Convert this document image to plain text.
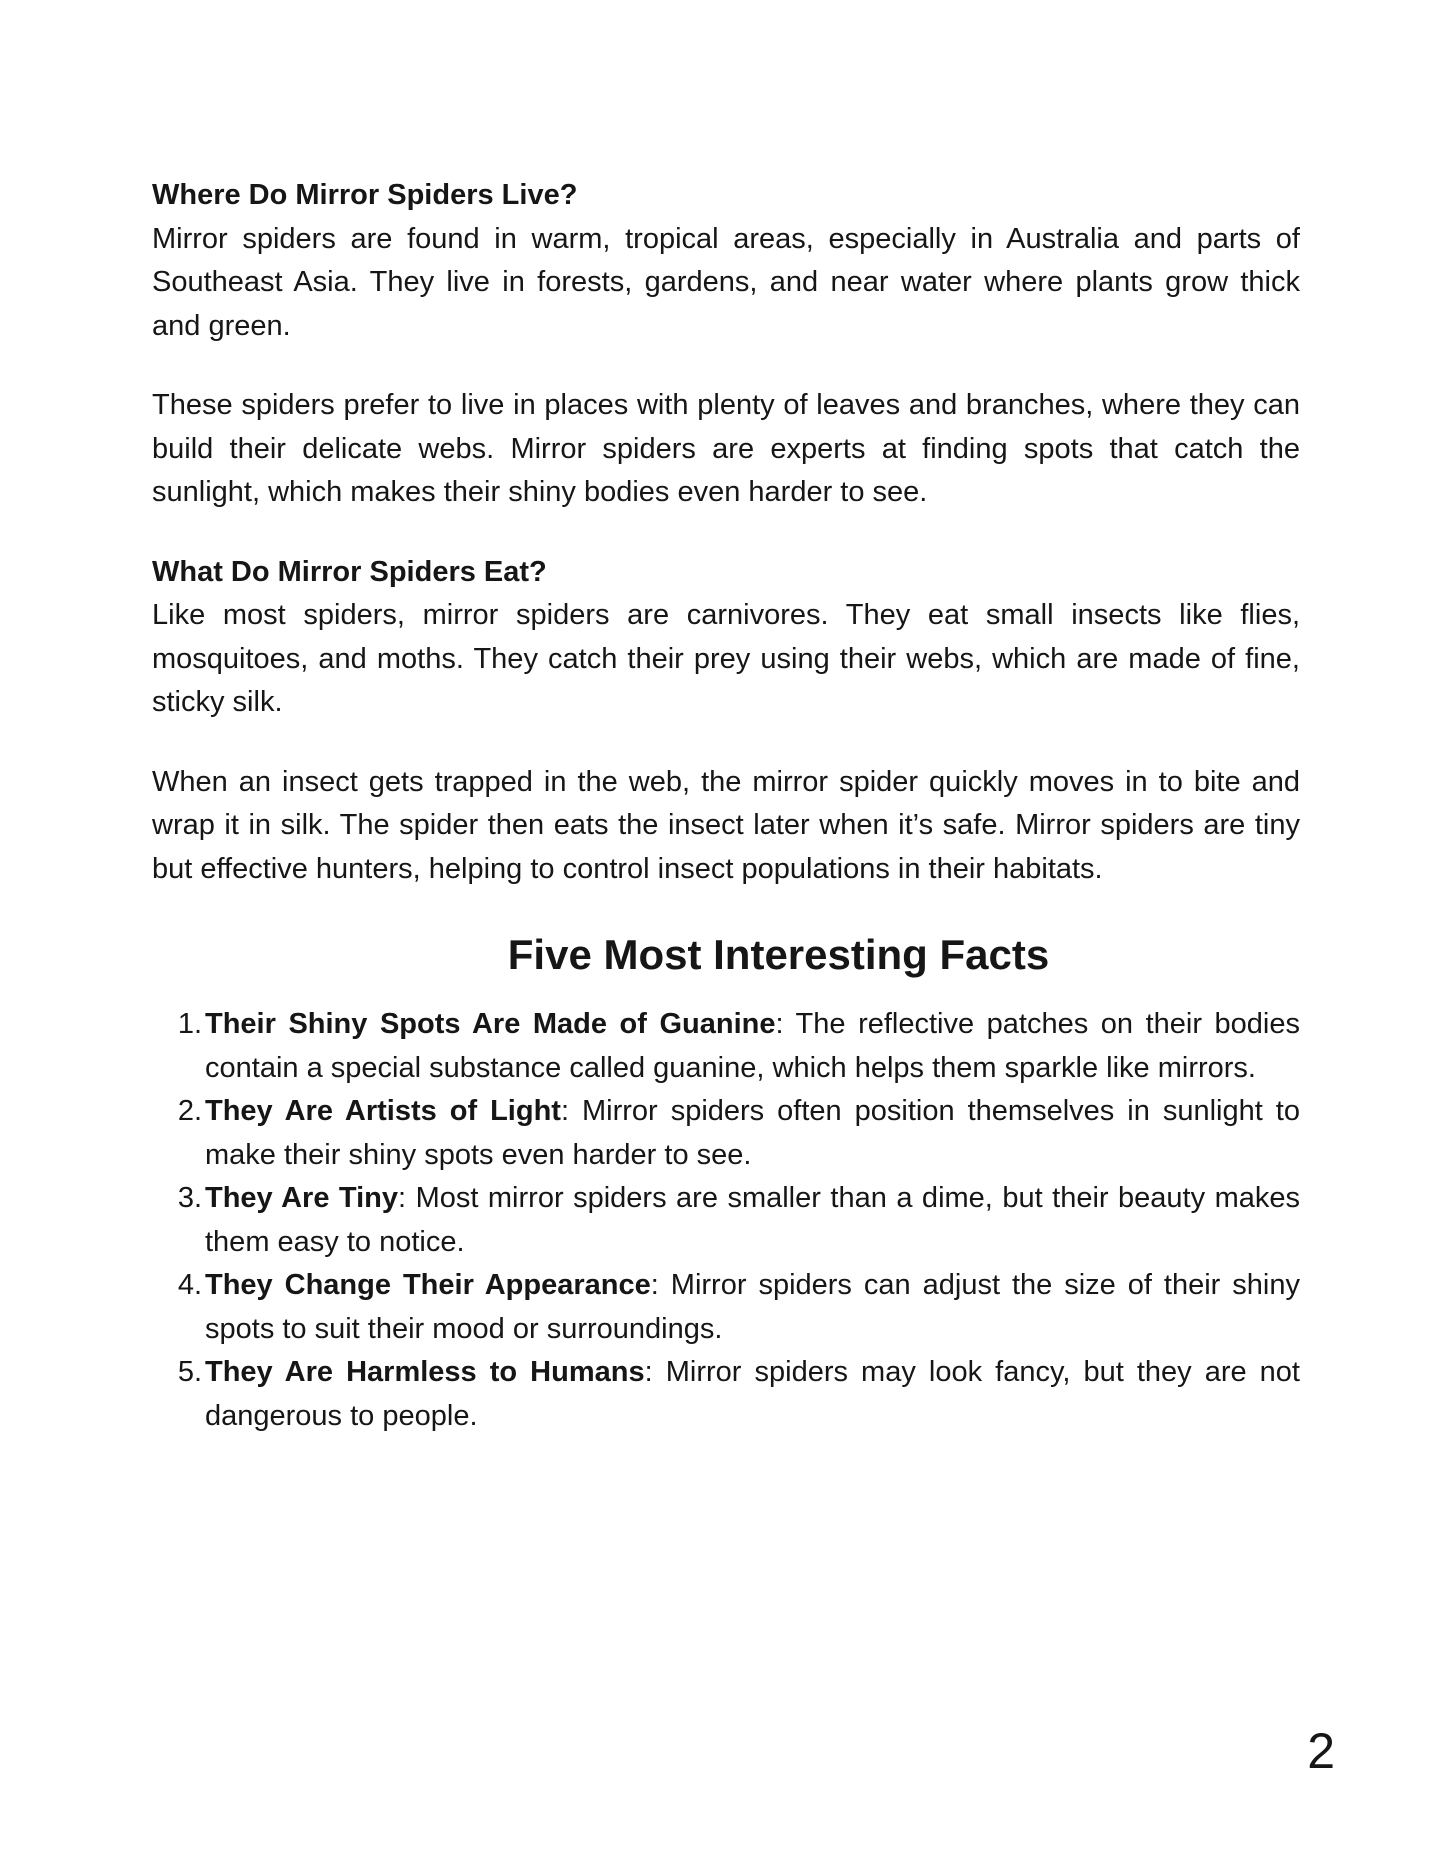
Where Do Mirror Spiders Live?

Mirror spiders are found in warm, tropical areas, especially in Australia and parts of Southeast Asia. They live in forests, gardens, and near water where plants grow thick and green.

These spiders prefer to live in places with plenty of leaves and branches, where they can build their delicate webs. Mirror spiders are experts at finding spots that catch the sunlight, which makes their shiny bodies even harder to see.

What Do Mirror Spiders Eat?

Like most spiders, mirror spiders are carnivores. They eat small insects like flies, mosquitoes, and moths. They catch their prey using their webs, which are made of fine, sticky silk.

When an insect gets trapped in the web, the mirror spider quickly moves in to bite and wrap it in silk. The spider then eats the insect later when it’s safe. Mirror spiders are tiny but effective hunters, helping to control insect populations in their habitats.

Five Most Interesting Facts
1. Their Shiny Spots Are Made of Guanine: The reflective patches on their bodies contain a special substance called guanine, which helps them sparkle like mirrors.
2. They Are Artists of Light: Mirror spiders often position themselves in sunlight to make their shiny spots even harder to see.
3. They Are Tiny: Most mirror spiders are smaller than a dime, but their beauty makes them easy to notice.
4. They Change Their Appearance: Mirror spiders can adjust the size of their shiny spots to suit their mood or surroundings.
5. They Are Harmless to Humans: Mirror spiders may look fancy, but they are not dangerous to people.
2
